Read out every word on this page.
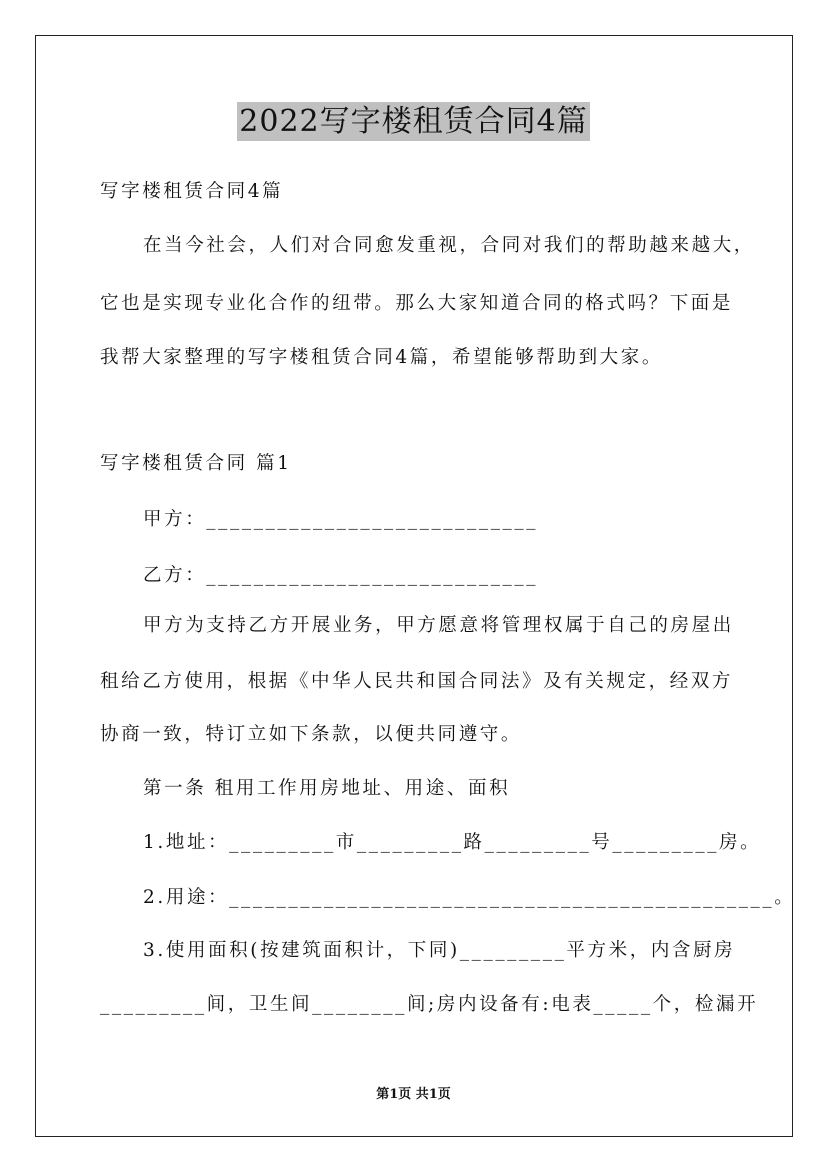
2022写字楼租赁合同4篇
写字楼租赁合同4篇
在当今社会，人们对合同愈发重视，合同对我们的帮助越来越大，
它也是实现专业化合作的纽带。那么大家知道合同的格式吗？下面是
我帮大家整理的写字楼租赁合同4篇，希望能够帮助到大家。
写字楼租赁合同 篇1
甲方：____________________________
乙方：____________________________
甲方为支持乙方开展业务，甲方愿意将管理权属于自己的房屋出
租给乙方使用，根据《中华人民共和国合同法》及有关规定，经双方
协商一致，特订立如下条款，以便共同遵守。
第一条 租用工作用房地址、用途、面积
1.地址：_________市_________路_________号_________房。
2.用途：______________________________________________。
3.使用面积(按建筑面积计，下同)_________平方米，内含厨房
_________间，卫生间________间;房内设备有:电表_____个，检漏开
第1页 共1页
